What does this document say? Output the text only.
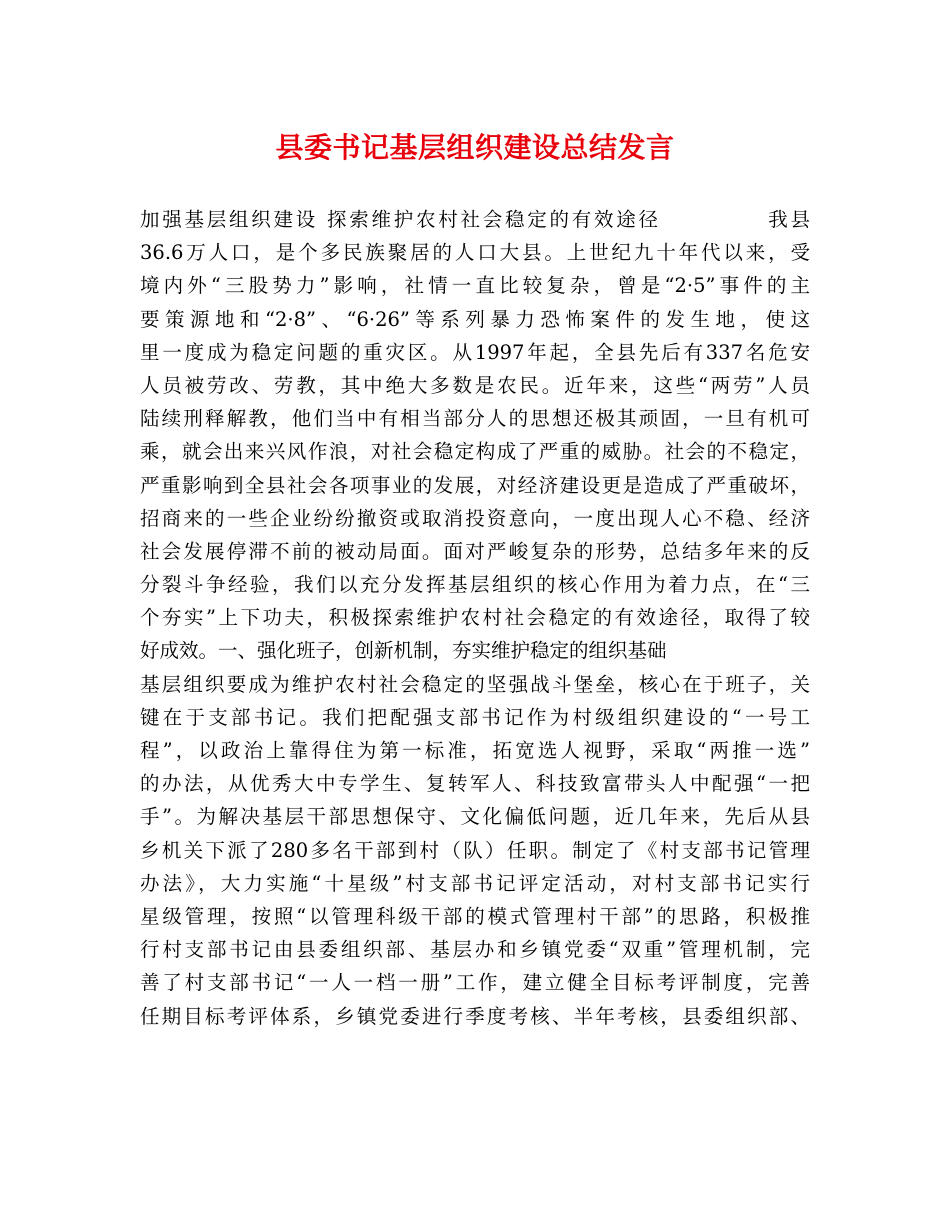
县委书记基层组织建设总结发言
加强基层组织建设 探索维护农村社会稳定的有效途径            我县
36.6万人口，是个多民族聚居的人口大县。上世纪九十年代以来，受
境内外“三股势力”影响，社情一直比较复杂，曾是“2·5”事件的主
要策源地和“2·8”、“6·26”等系列暴力恐怖案件的发生地，使这
里一度成为稳定问题的重灾区。从1997年起，全县先后有337名危安
人员被劳改、劳教，其中绝大多数是农民。近年来，这些“两劳”人员
陆续刑释解教，他们当中有相当部分人的思想还极其顽固，一旦有机可
乘，就会出来兴风作浪，对社会稳定构成了严重的威胁。社会的不稳定，
严重影响到全县社会各项事业的发展，对经济建设更是造成了严重破坏，
招商来的一些企业纷纷撤资或取消投资意向，一度出现人心不稳、经济
社会发展停滞不前的被动局面。面对严峻复杂的形势，总结多年来的反
分裂斗争经验，我们以充分发挥基层组织的核心作用为着力点，在“三
个夯实”上下功夫，积极探索维护农村社会稳定的有效途径，取得了较
好成效。一、强化班子，创新机制，夯实维护稳定的组织基础
基层组织要成为维护农村社会稳定的坚强战斗堡垒，核心在于班子，关
键在于支部书记。我们把配强支部书记作为村级组织建设的“一号工
程”，以政治上靠得住为第一标准，拓宽选人视野，采取“两推一选”
的办法，从优秀大中专学生、复转军人、科技致富带头人中配强“一把
手”。为解决基层干部思想保守、文化偏低问题，近几年来，先后从县
乡机关下派了280多名干部到村（队）任职。制定了《村支部书记管理
办法》，大力实施“十星级”村支部书记评定活动，对村支部书记实行
星级管理，按照“以管理科级干部的模式管理村干部”的思路，积极推
行村支部书记由县委组织部、基层办和乡镇党委“双重”管理机制，完
善了村支部书记“一人一档一册”工作，建立健全目标考评制度，完善
任期目标考评体系，乡镇党委进行季度考核、半年考核，县委组织部、
